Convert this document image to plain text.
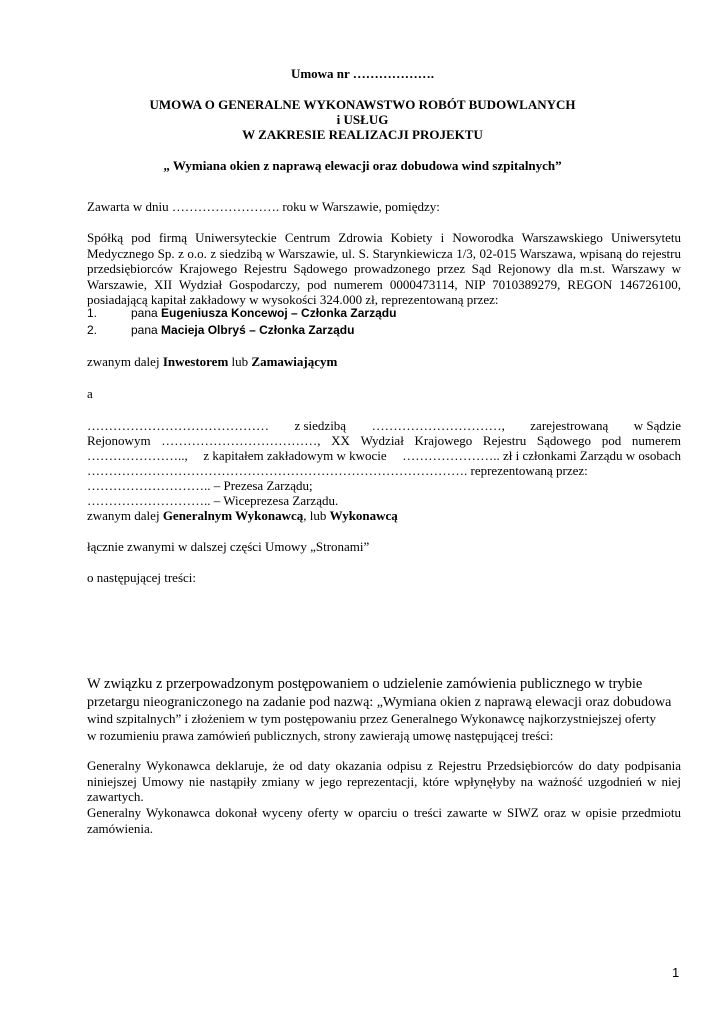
Umowa nr ……………….

UMOWA O GENERALNE WYKONAWSTWO ROBÓT BUDOWLANYCH

i USŁUG

W ZAKRESIE REALIZACJI PROJEKTU

„ Wymiana okien z naprawą elewacji oraz dobudowa wind szpitalnych”

Zawarta w dniu ……………………. roku w Warszawie, pomiędzy:

Spółką pod firmą Uniwersyteckie Centrum Zdrowia Kobiety i Noworodka Warszawskiego Uniwersytetu Medycznego Sp. z o.o. z siedzibą w Warszawie, ul. S. Starynkiewicza 1/3, 02-015 Warszawa, wpisaną do rejestru przedsiębiorców Krajowego Rejestru Sądowego prowadzonego przez Sąd Rejonowy dla m.st. Warszawy w Warszawie, XII Wydział Gospodarczy, pod numerem 0000473114, NIP 7010389279, REGON 146726100, posiadającą kapitał zakładowy w wysokości 324.000 zł, reprezentowaną przez:

1.	pana Eugeniusza Koncewoj – Członka Zarządu
2.	pana Macieja Olbryś – Członka Zarządu

zwanym dalej Inwestorem lub Zamawiającym

a

…………………………………… z siedzibą …………………………, zarejestrowaną w Sądzie
Rejonowym ………………………………, XX Wydział Krajowego Rejestru Sądowego pod numerem
………………….., z kapitałem zakładowym w kwocie ………………….. zł i członkami Zarządu w osobach

……………………………………………………………………………. reprezentowaną przez:

……………………….. – Prezesa Zarządu;

……………………….. – Wiceprezesa Zarządu.

zwanym dalej Generalnym Wykonawcą, lub Wykonawcą

łącznie zwanymi w dalszej części Umowy „Stronami”

o następującej treści:

W związku z przerpowadzonym postępowaniem o udzielenie zamówienia publicznego w trybie

przetargu nieograniczonego na zadanie pod nazwą: „Wymiana okien z naprawą elewacji oraz dobudowa

wind szpitalnych” i złożeniem w tym postępowaniu przez Generalnego Wykonawcę najkorzystniejszej oferty

w rozumieniu prawa zamówień publicznych, strony zawierają umowę następującej treści:

Generalny Wykonawca deklaruje, że od daty okazania odpisu z Rejestru Przedsiębiorców do daty podpisania niniejszej Umowy nie nastąpiły zmiany w jego reprezentacji, które wpłynęłyby na ważność uzgodnień w niej zawartych.

Generalny Wykonawca dokonał wyceny oferty w oparciu o treści zawarte w SIWZ oraz w opisie przedmiotu zamówienia.

1
